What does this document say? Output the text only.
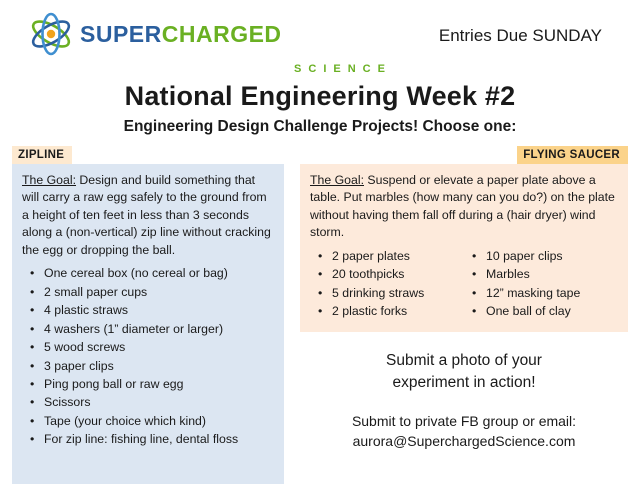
SUPERCHARGED	Entries Due SUNDAY
SCIENCE
National Engineering Week #2
Engineering Design Challenge Projects! Choose one:
ZIPLINE
The Goal: Design and build something that will carry a raw egg safely to the ground from a height of ten feet in less than 3 seconds along a (non-vertical) zip line without cracking the egg or dropping the ball.
• One cereal box (no cereal or bag)
• 2 small paper cups
• 4 plastic straws
• 4 washers (1” diameter or larger)
• 5 wood screws
• 3 paper clips
• Ping pong ball or raw egg
• Scissors
• Tape (your choice which kind)
• For zip line: fishing line, dental floss
FLYING SAUCER
The Goal: Suspend or elevate a paper plate above a table. Put marbles (how many can you do?) on the plate without having them fall off during a (hair dryer) wind storm.
• 2 paper plates
• 20 toothpicks
• 5 drinking straws
• 2 plastic forks
• 10 paper clips
• Marbles
• 12” masking tape
• One ball of clay
Submit a photo of your
experiment in action!
Submit to private FB group or email:
aurora@SuperchargedScience.com
